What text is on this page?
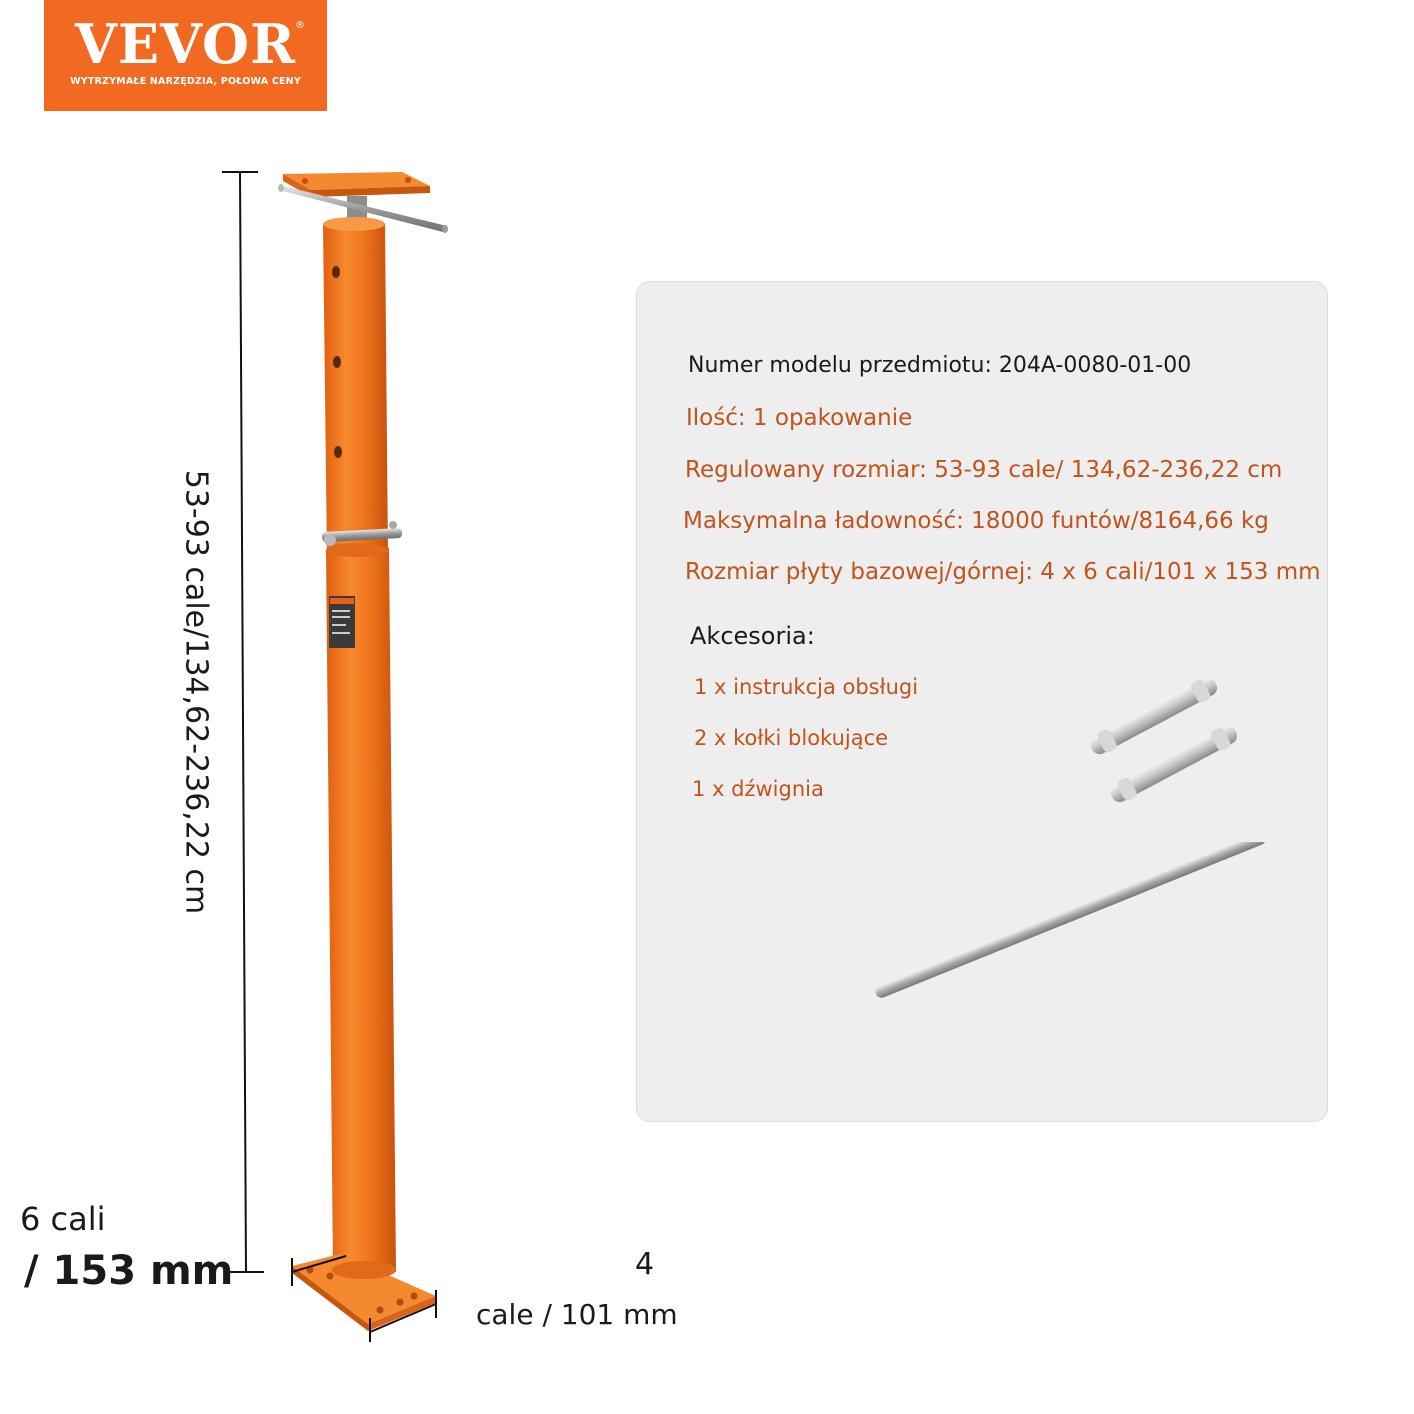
VEVOR ®
WYTRZYMAŁE NARZĘDZIA, POŁOWA CENY
53-93 cale/134,62-236,22 cm
6 cali
/ 153 mm	4
cale / 101 mm
Numer modelu przedmiotu: 204A-0080-01-00
Ilość: 1 opakowanie
Regulowany rozmiar: 53-93 cale/ 134,62-236,22 cm
Maksymalna ładowność: 18000 funtów/8164,66 kg
Rozmiar płyty bazowej/górnej: 4 x 6 cali/101 x 153 mm
Akcesoria:
1 x instrukcja obsługi
2 x kołki blokujące
1 x dźwignia
